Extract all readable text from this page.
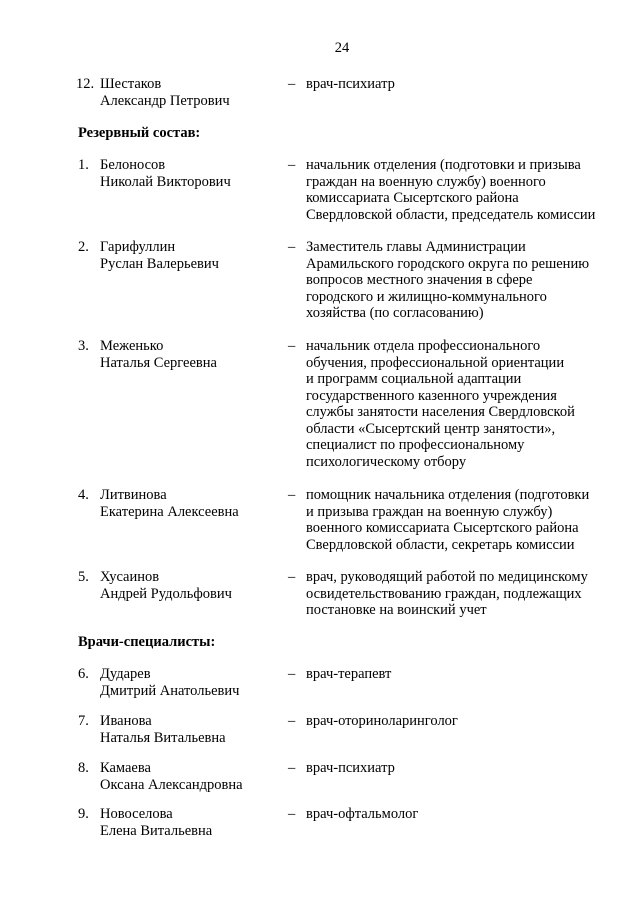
24
12. Шестаков
Александр Петрович
– врач-психиатр
Резервный состав:
1. Белоносов
Николай Викторович
– начальник отделения (подготовки и призыва
граждан на военную службу) военного
комиссариата Сысертского района
Свердловской области, председатель комиссии
2. Гарифуллин
Руслан Валерьевич
– Заместитель главы Администрации
Арамильского городского округа по решению
вопросов местного значения в сфере
городского и жилищно-коммунального
хозяйства (по согласованию)
3. Меженько
Наталья Сергеевна
– начальник отдела профессионального
обучения, профессиональной ориентации
и программ социальной адаптации
государственного казенного учреждения
службы занятости населения Свердловской
области «Сысертский центр занятости»,
специалист по профессиональному
психологическому отбору
4. Литвинова
Екатерина Алексеевна
– помощник начальника отделения (подготовки
и призыва граждан на военную службу)
военного комиссариата Сысертского района
Свердловской области, секретарь комиссии
5. Хусаинов
Андрей Рудольфович
– врач, руководящий работой по медицинскому
освидетельствованию граждан, подлежащих
постановке на воинский учет
Врачи-специалисты:
6. Дударев
Дмитрий Анатольевич
– врач-терапевт
7. Иванова
Наталья Витальевна
– врач-оториноларинголог
8. Камаева
Оксана Александровна
– врач-психиатр
9. Новоселова
Елена Витальевна
– врач-офтальмолог
